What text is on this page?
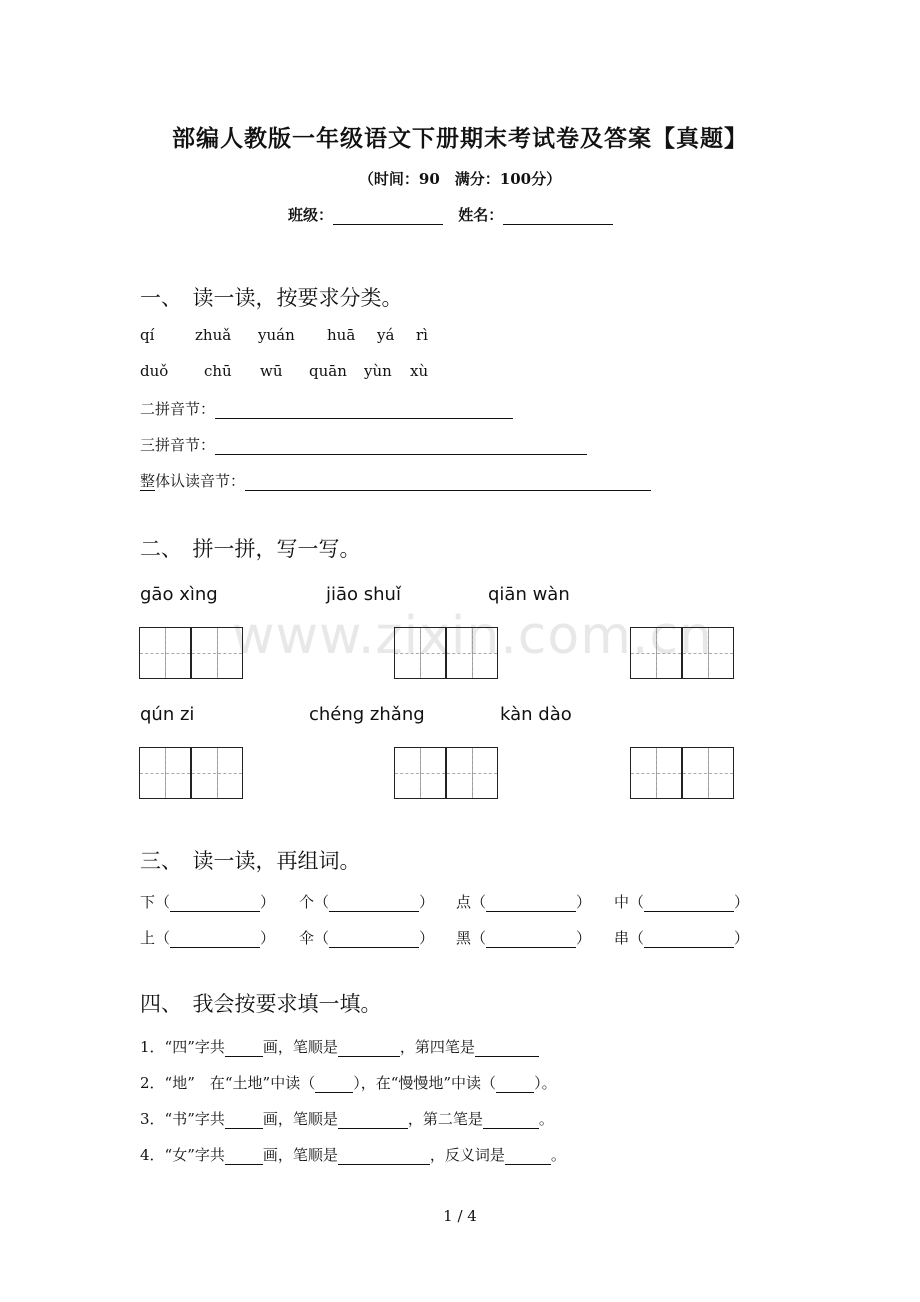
部编人教版一年级语文下册期末考试卷及答案【真题】
（时间：90　满分：100分）
班级：	姓名：
一、　读一读，按要求分类。
qí	zhuǎ yuán huā yá rì
duǒ chū wū quān yùn xù
二拼音节：
三拼音节：
整体认读音节：
二、　拼一拼，写一写。
gāo xìng	jiāo shuǐ	qiān wàn
qún zi	chéng zhǎng	kàn dào
三、　读一读，再组词。
下（	） 个（	） 点（	） 中（	）
上（	） 伞（	） 黑（	） 串（	）
四、　我会按要求填一填。
1．“四”字共	画，笔顺是	，第四笔是
2．“地”　在“土地”中读（	），在“慢慢地”中读（	）。
3．“书”字共	画，笔顺是	，第二笔是	。
4．“女”字共	画，笔顺是	，反义词是	。
1 / 4
